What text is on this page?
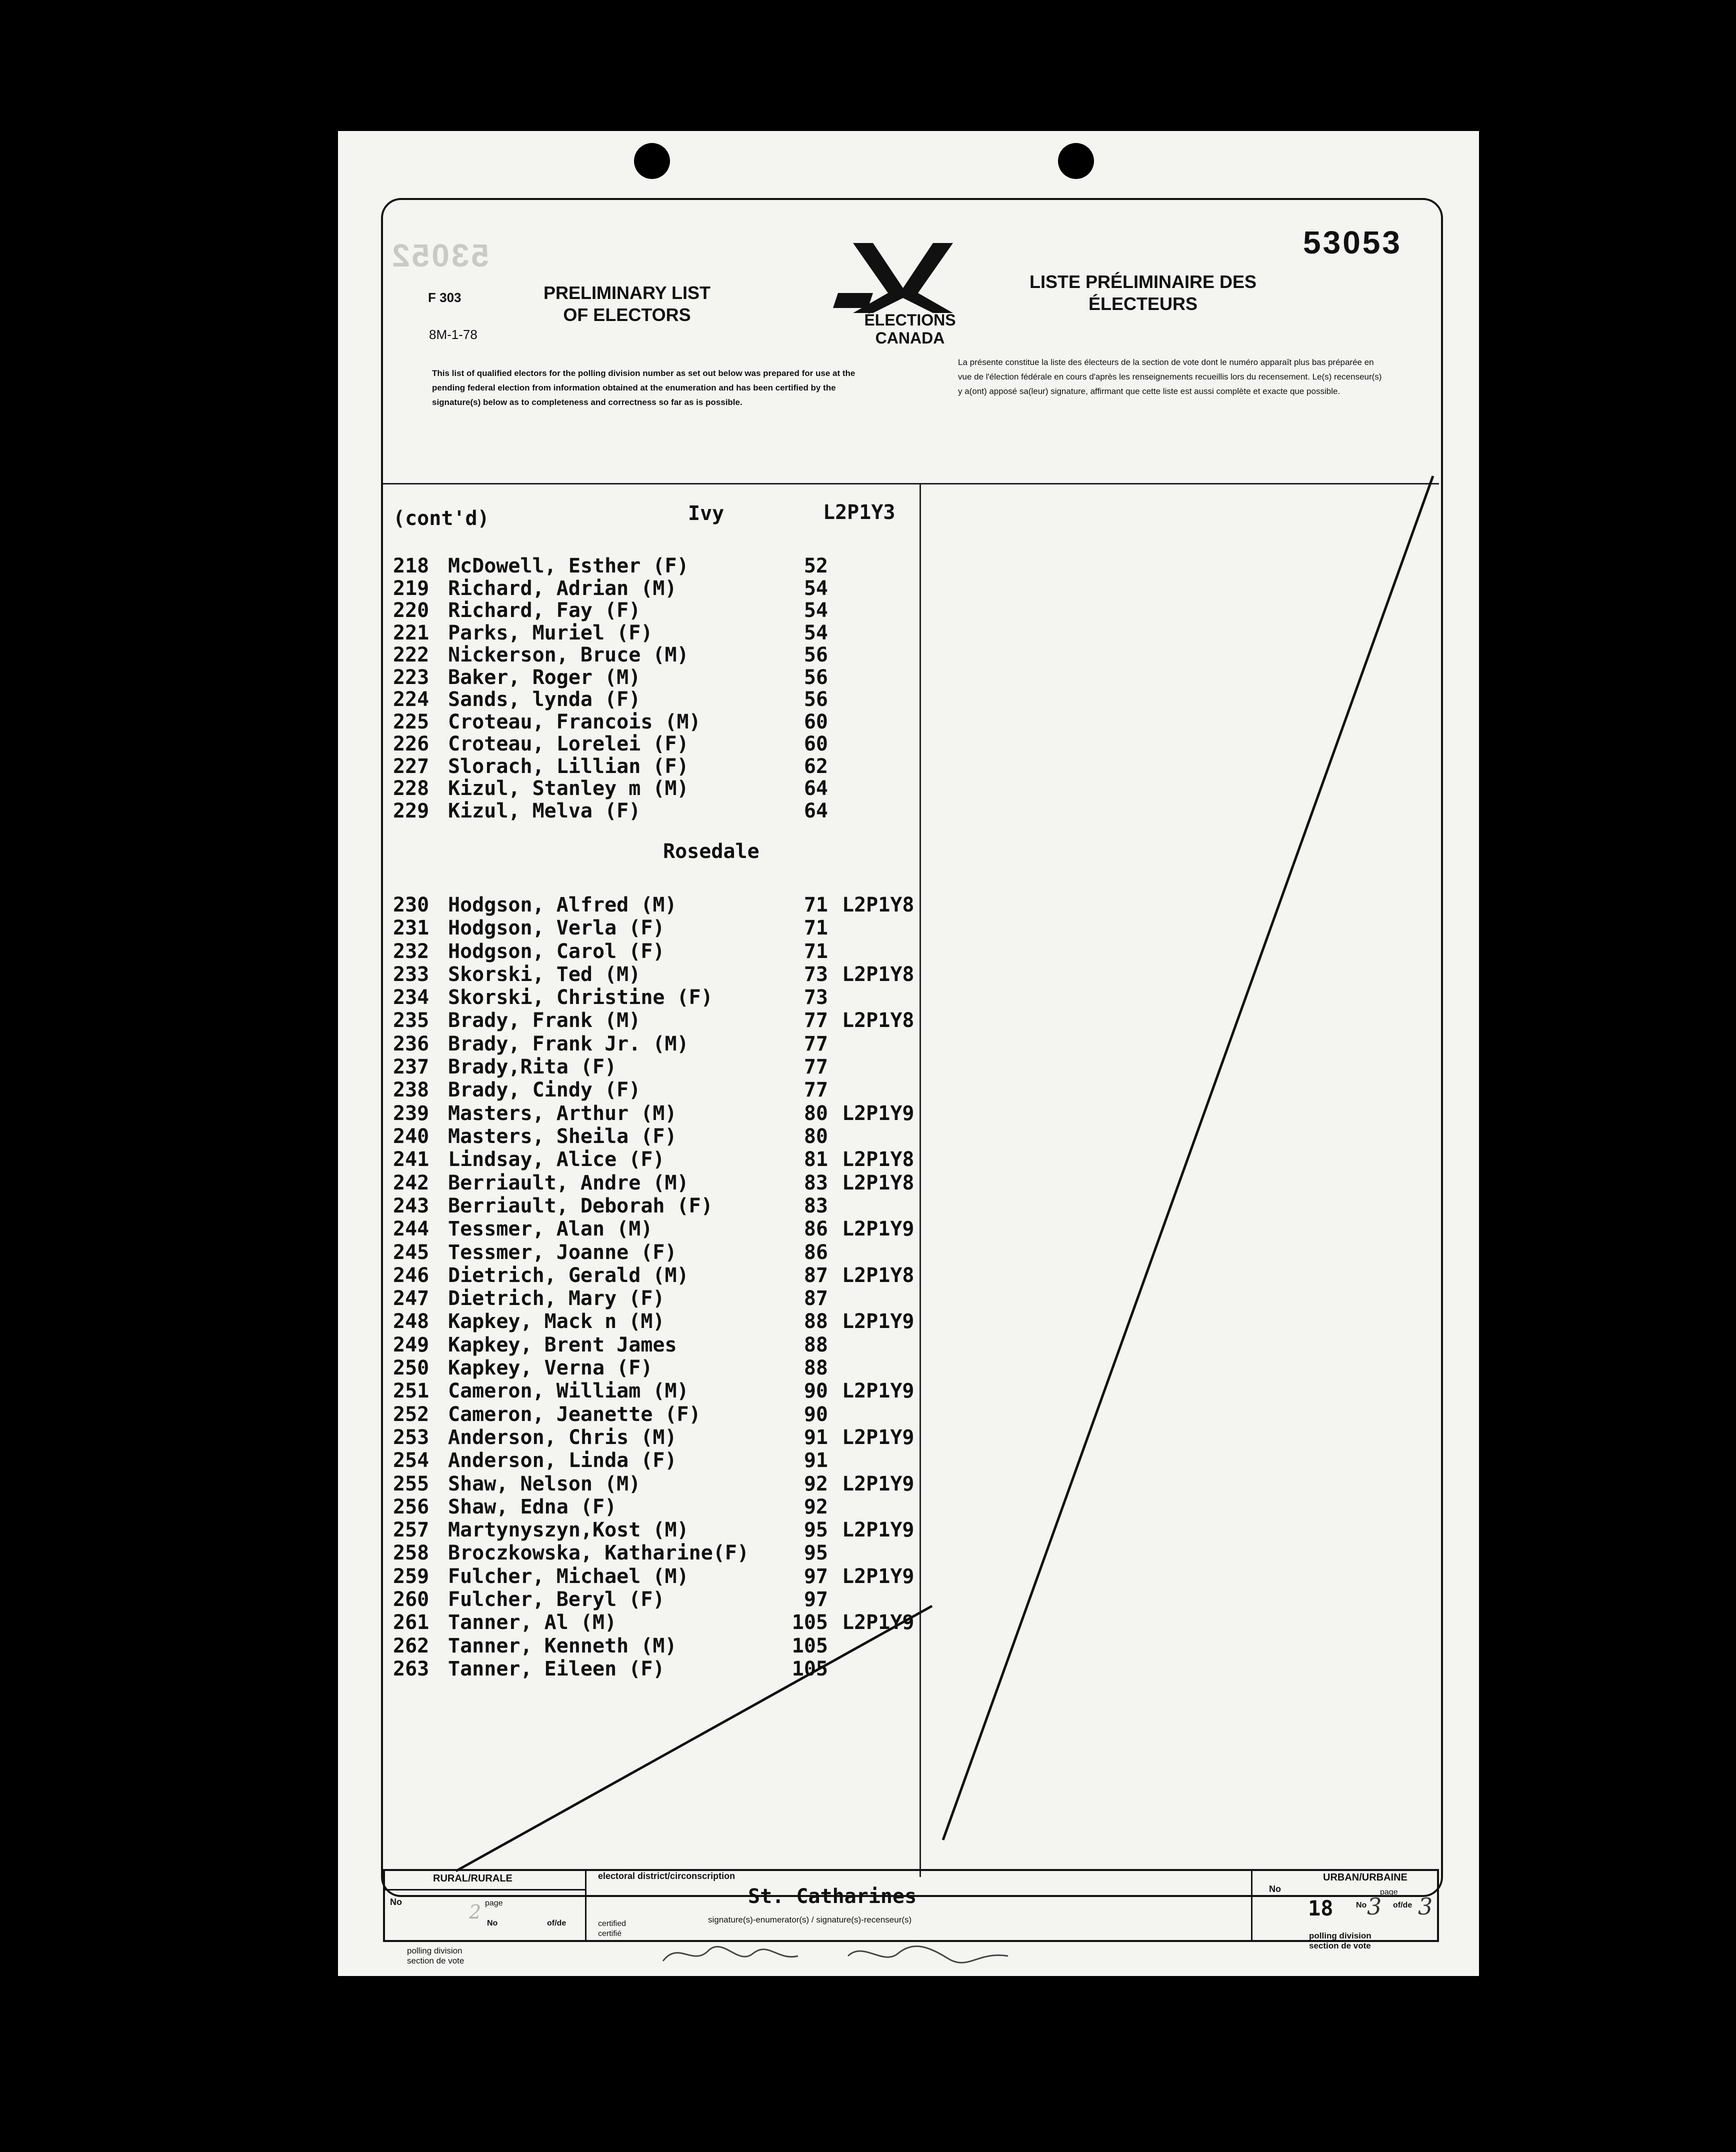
53053
53052
F 303
8M-1-78
PRELIMINARY LIST OF ELECTORS
LISTE PRÉLIMINAIRE DES ÉLECTEURS
ÉLECTIONS CANADA
This list of qualified electors for the polling division number as set out below was prepared for use at the pending federal election from information obtained at the enumeration and has been certified by the signature(s) below as to completeness and correctness so far as is possible.
La présente constitue la liste des électeurs de la section de vote dont le numéro apparaît plus bas préparée en vue de l'élection fédérale en cours d'après les renseignements recueillis lors du recensement. Le(s) recenseur(s) y a(ont) apposé sa(leur) signature, affirmant que cette liste est aussi complète et exacte que possible.
(cont'd)	Ivy	L2P1Y3
Rosedale
218 McDowell, Esther (F)	52
219 Richard, Adrian (M)	54
220 Richard, Fay (F)	54
221 Parks, Muriel (F)	54
222 Nickerson, Bruce (M)	56
223 Baker, Roger (M)	56
224 Sands, lynda (F)	56
225 Croteau, Francois (M)	60
226 Croteau, Lorelei (F)	60
227 Slorach, Lillian (F)	62
228 Kizul, Stanley m (M)	64
229 Kizul, Melva (F)	64
230 Hodgson, Alfred (M)	71 L2P1Y8
231 Hodgson, Verla (F)	71
232 Hodgson, Carol (F)	71
233 Skorski, Ted (M)	73 L2P1Y8
234 Skorski, Christine (F)	73
235 Brady, Frank (M)	77 L2P1Y8
236 Brady, Frank Jr. (M)	77
237 Brady,Rita (F)	77
238 Brady, Cindy (F)	77
239 Masters, Arthur (M)	80 L2P1Y9
240 Masters, Sheila (F)	80
241 Lindsay, Alice (F)	81 L2P1Y8
242 Berriault, Andre (M)	83 L2P1Y8
243 Berriault, Deborah (F)	83
244 Tessmer, Alan (M)	86 L2P1Y9
245 Tessmer, Joanne (F)	86
246 Dietrich, Gerald (M)	87 L2P1Y8
247 Dietrich, Mary (F)	87
248 Kapkey, Mack n (M)	88 L2P1Y9
249 Kapkey, Brent James	88
250 Kapkey, Verna (F)	88
251 Cameron, William (M)	90 L2P1Y9
252 Cameron, Jeanette (F)	90
253 Anderson, Chris (M)	91 L2P1Y9
254 Anderson, Linda (F)	91
255 Shaw, Nelson (M)	92 L2P1Y9
256 Shaw, Edna (F)	92
257 Martynyszyn,Kost (M)	95 L2P1Y9
258 Broczkowska, Katharine(F)	95
259 Fulcher, Michael (M)	97 L2P1Y9
260 Fulcher, Beryl (F)	97
261 Tanner, Al (M)	105 L2P1Y9
262 Tanner, Kenneth (M)	105
263 Tanner, Eileen (F)	105
RURAL/RURALE
No	page
No	of/de
2
polling division section de vote
electoral district/circonscription
St. Catharines
certified certifié
signature(s)-enumerator(s) / signature(s)-recenseur(s)
URBAN/URBAINE
No	page
18	No 3 of/de 3
polling division section de vote
